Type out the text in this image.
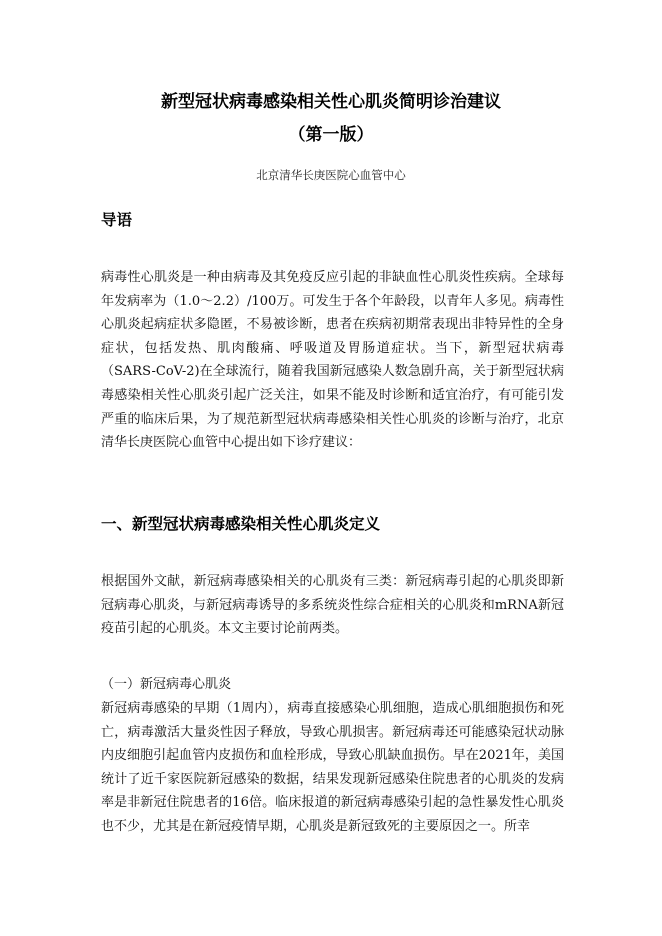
新型冠状病毒感染相关性心肌炎简明诊治建议
（第一版）
北京清华长庚医院心血管中心
导语
病毒性心肌炎是一种由病毒及其免疫反应引起的非缺血性心肌炎性疾病。全球每年发病率为（1.0～2.2）/100万。可发生于各个年龄段，以青年人多见。病毒性心肌炎起病症状多隐匿，不易被诊断，患者在疾病初期常表现出非特异性的全身症状，包括发热、肌肉酸痛、呼吸道及胃肠道症状。当下，新型冠状病毒（SARS-CoV-2)在全球流行，随着我国新冠感染人数急剧升高，关于新型冠状病毒感染相关性心肌炎引起广泛关注，如果不能及时诊断和适宜治疗，有可能引发严重的临床后果，为了规范新型冠状病毒感染相关性心肌炎的诊断与治疗，北京清华长庚医院心血管中心提出如下诊疗建议：
一、新型冠状病毒感染相关性心肌炎定义
根据国外文献，新冠病毒感染相关的心肌炎有三类：新冠病毒引起的心肌炎即新冠病毒心肌炎，与新冠病毒诱导的多系统炎性综合症相关的心肌炎和mRNA新冠疫苗引起的心肌炎。本文主要讨论前两类。
（一）新冠病毒心肌炎
新冠病毒感染的早期（1周内），病毒直接感染心肌细胞，造成心肌细胞损伤和死亡，病毒激活大量炎性因子释放，导致心肌损害。新冠病毒还可能感染冠状动脉内皮细胞引起血管内皮损伤和血栓形成，导致心肌缺血损伤。早在2021年，美国统计了近千家医院新冠感染的数据，结果发现新冠感染住院患者的心肌炎的发病率是非新冠住院患者的16倍。临床报道的新冠病毒感染引起的急性暴发性心肌炎也不少，尤其是在新冠疫情早期，心肌炎是新冠致死的主要原因之一。所幸
